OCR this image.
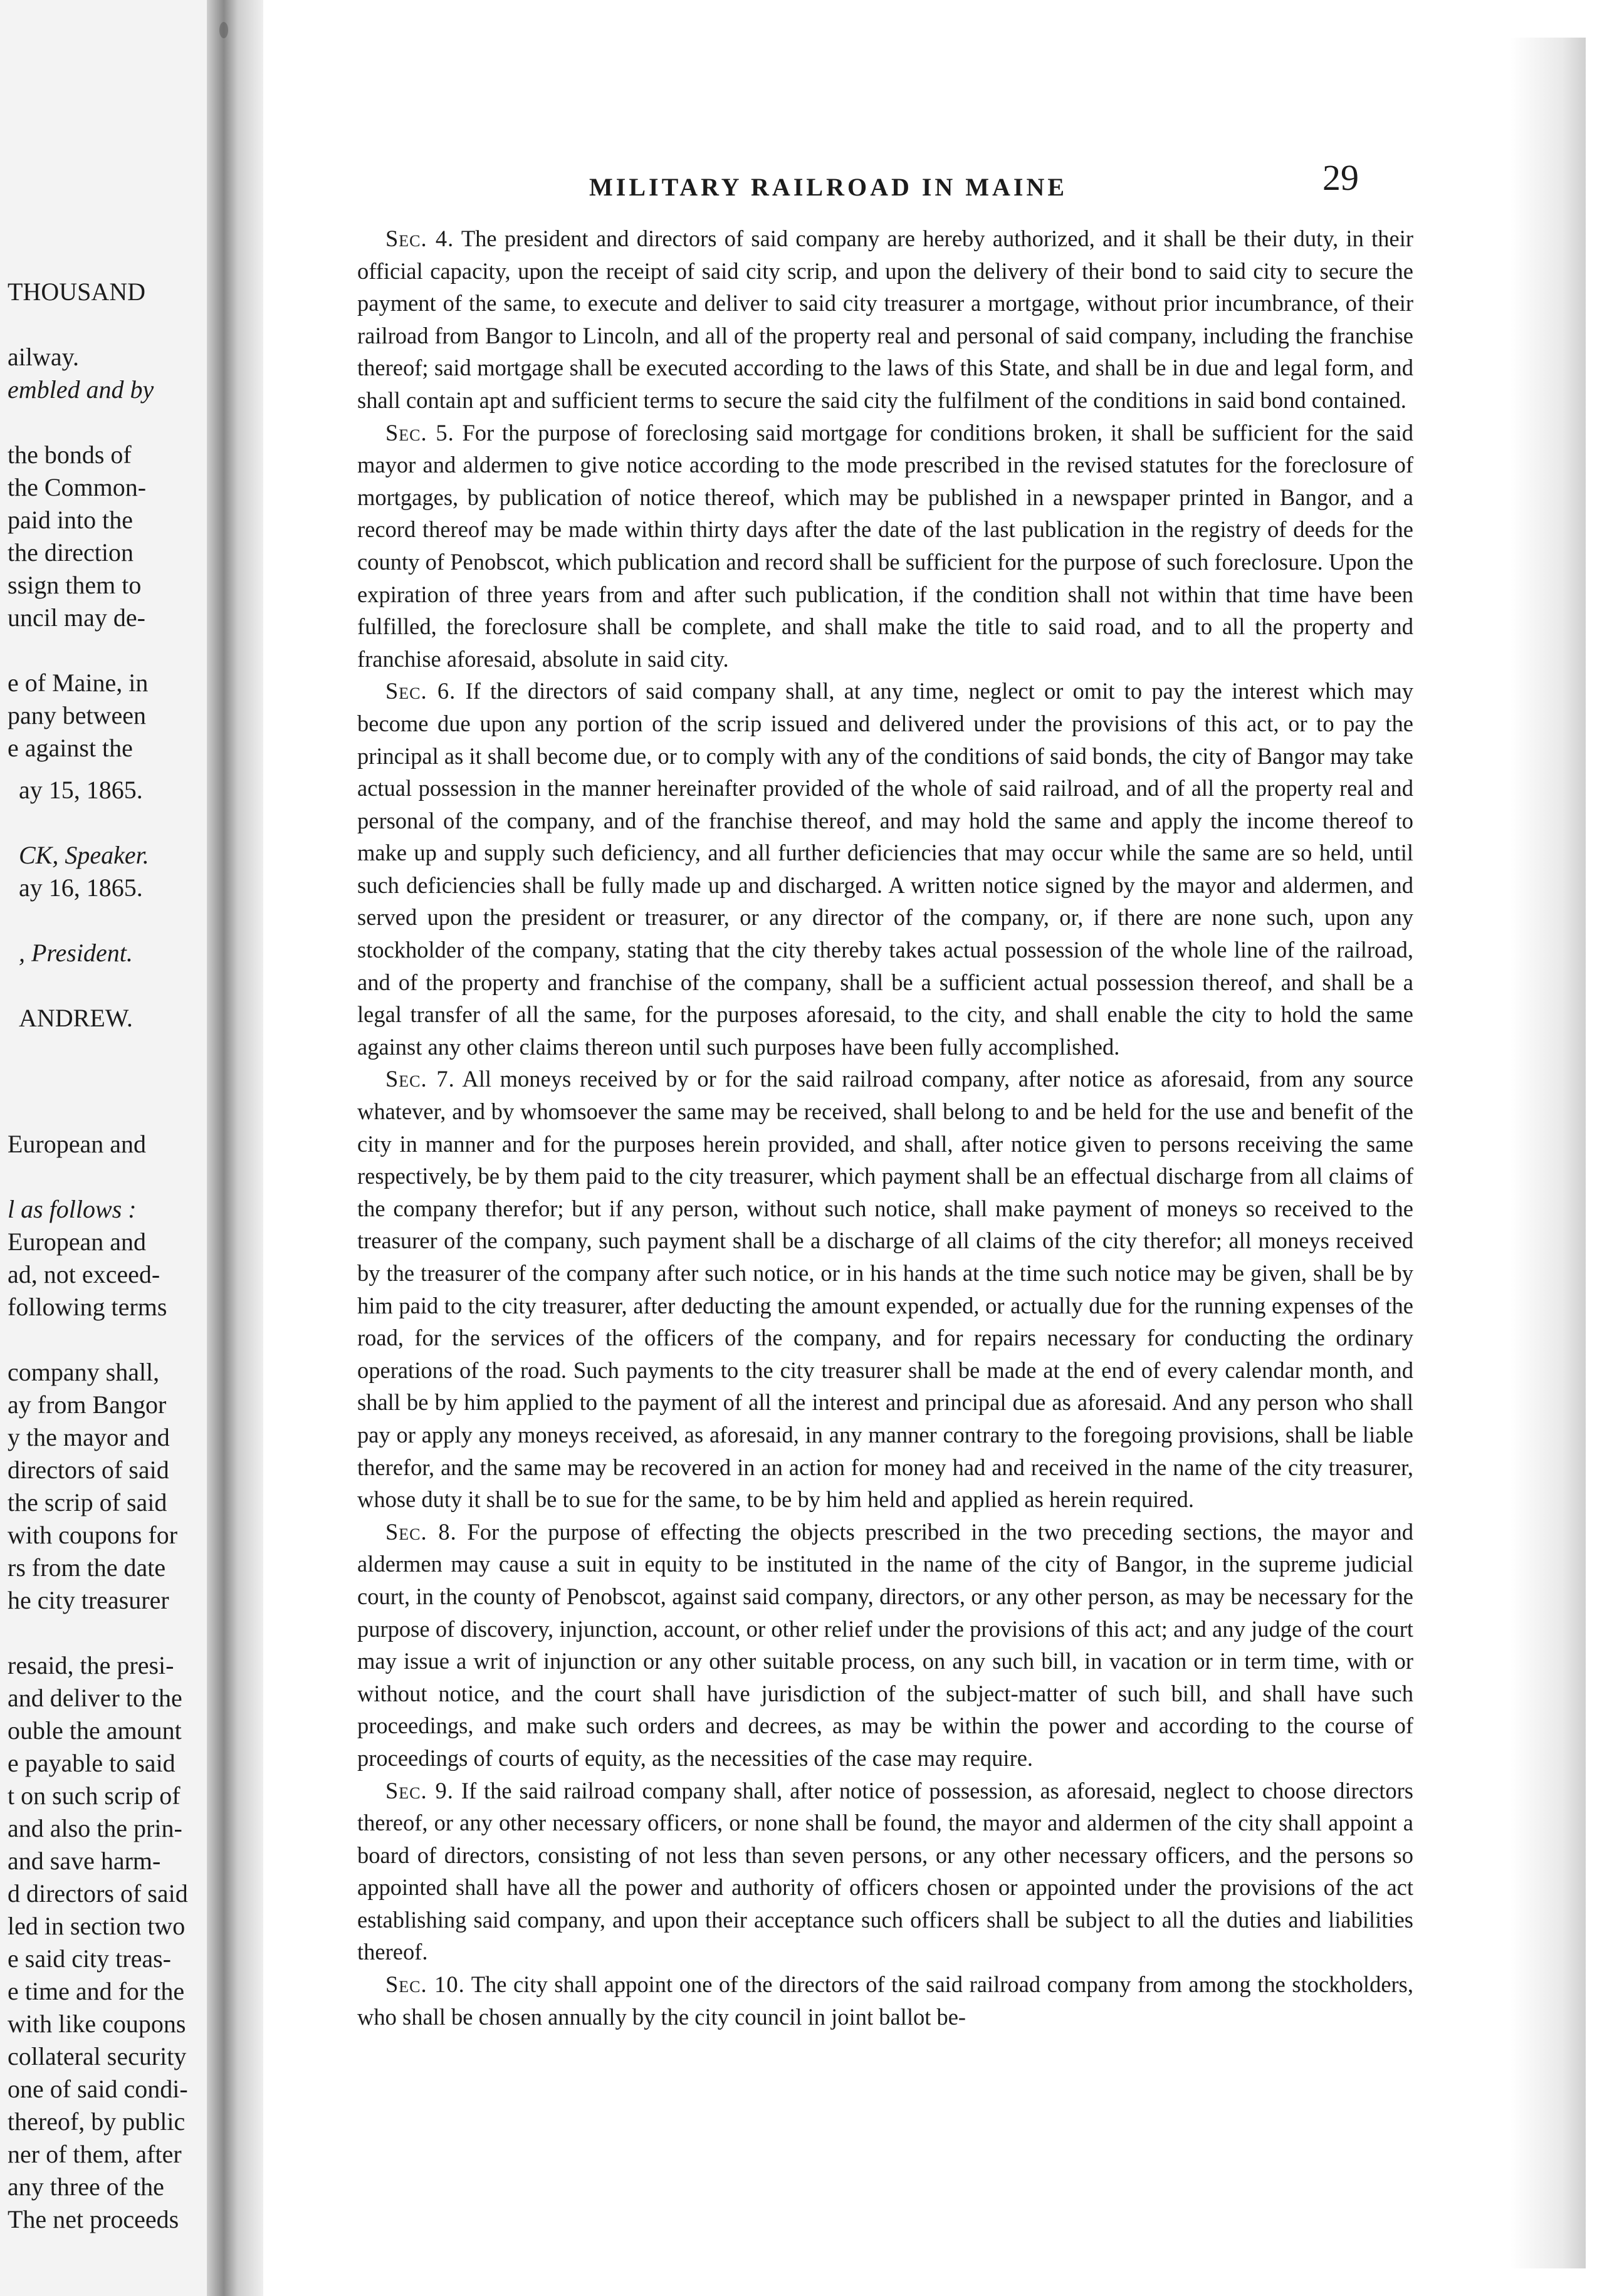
THOUSAND
ailway.
embled and by
the bonds of
the Common-
paid into the
the direction
ssign them to
uncil may de-
e of Maine, in
pany between
e against the
ay 15, 1865.
CK, Speaker.
ay 16, 1865.
, President.
ANDREW.
European and
l as follows :
European and
ad, not exceed-
following terms
company shall,
ay from Bangor
y the mayor and
directors of said
the scrip of said
with coupons for
rs from the date
he city treasurer
resaid, the presi-
and deliver to the
ouble the amount
e payable to said
t on such scrip of
and also the prin-
and save harm-
d directors of said
led in section two
e said city treas-
e time and for the
with like coupons
collateral security
one of said condi-
thereof, by public
ner of them, after
any three of the
The net proceeds
MILITARY RAILROAD IN MAINE	29

Sec. 4. The president and directors of said company are hereby authorized, and it shall be their duty, in their official capacity, upon the receipt of said city scrip, and upon the delivery of their bond to said city to secure the payment of the same, to execute and deliver to said city treasurer a mortgage, without prior incumbrance, of their railroad from Bangor to Lincoln, and all of the property real and personal of said company, including the franchise thereof; said mortgage shall be executed according to the laws of this State, and shall be in due and legal form, and shall contain apt and sufficient terms to secure the said city the fulfilment of the conditions in said bond contained.

Sec. 5. For the purpose of foreclosing said mortgage for conditions broken, it shall be sufficient for the said mayor and aldermen to give notice according to the mode prescribed in the revised statutes for the foreclosure of mortgages, by publication of notice thereof, which may be published in a newspaper printed in Bangor, and a record thereof may be made within thirty days after the date of the last publication in the registry of deeds for the county of Penobscot, which publication and record shall be sufficient for the purpose of such foreclosure. Upon the expiration of three years from and after such publication, if the condition shall not within that time have been fulfilled, the foreclosure shall be complete, and shall make the title to said road, and to all the property and franchise aforesaid, absolute in said city.

Sec. 6. If the directors of said company shall, at any time, neglect or omit to pay the interest which may become due upon any portion of the scrip issued and delivered under the provisions of this act, or to pay the principal as it shall become due, or to comply with any of the conditions of said bonds, the city of Bangor may take actual possession in the manner hereinafter provided of the whole of said railroad, and of all the property real and personal of the company, and of the franchise thereof, and may hold the same and apply the income thereof to make up and supply such deficiency, and all further deficiencies that may occur while the same are so held, until such deficiencies shall be fully made up and discharged. A written notice signed by the mayor and aldermen, and served upon the president or treasurer, or any director of the company, or, if there are none such, upon any stockholder of the company, stating that the city thereby takes actual possession of the whole line of the railroad, and of the property and franchise of the company, shall be a sufficient actual possession thereof, and shall be a legal transfer of all the same, for the purposes aforesaid, to the city, and shall enable the city to hold the same against any other claims thereon until such purposes have been fully accomplished.

Sec. 7. All moneys received by or for the said railroad company, after notice as aforesaid, from any source whatever, and by whomsoever the same may be received, shall belong to and be held for the use and benefit of the city in manner and for the purposes herein provided, and shall, after notice given to persons receiving the same respectively, be by them paid to the city treasurer, which payment shall be an effectual discharge from all claims of the company therefor; but if any person, without such notice, shall make payment of moneys so received to the treasurer of the company, such payment shall be a discharge of all claims of the city therefor; all moneys received by the treasurer of the company after such notice, or in his hands at the time such notice may be given, shall be by him paid to the city treasurer, after deducting the amount expended, or actually due for the running expenses of the road, for the services of the officers of the company, and for repairs necessary for conducting the ordinary operations of the road. Such payments to the city treasurer shall be made at the end of every calendar month, and shall be by him applied to the payment of all the interest and principal due as aforesaid. And any person who shall pay or apply any moneys received, as aforesaid, in any manner contrary to the foregoing provisions, shall be liable therefor, and the same may be recovered in an action for money had and received in the name of the city treasurer, whose duty it shall be to sue for the same, to be by him held and applied as herein required.

Sec. 8. For the purpose of effecting the objects prescribed in the two preceding sections, the mayor and aldermen may cause a suit in equity to be instituted in the name of the city of Bangor, in the supreme judicial court, in the county of Penobscot, against said company, directors, or any other person, as may be necessary for the purpose of discovery, injunction, account, or other relief under the provisions of this act; and any judge of the court may issue a writ of injunction or any other suitable process, on any such bill, in vacation or in term time, with or without notice, and the court shall have jurisdiction of the subject-matter of such bill, and shall have such proceedings, and make such orders and decrees, as may be within the power and according to the course of proceedings of courts of equity, as the necessities of the case may require.

Sec. 9. If the said railroad company shall, after notice of possession, as aforesaid, neglect to choose directors thereof, or any other necessary officers, or none shall be found, the mayor and aldermen of the city shall appoint a board of directors, consisting of not less than seven persons, or any other necessary officers, and the persons so appointed shall have all the power and authority of officers chosen or appointed under the provisions of the act establishing said company, and upon their acceptance such officers shall be subject to all the duties and liabilities thereof.

Sec. 10. The city shall appoint one of the directors of the said railroad company from among the stockholders, who shall be chosen annually by the city council in joint ballot be-
